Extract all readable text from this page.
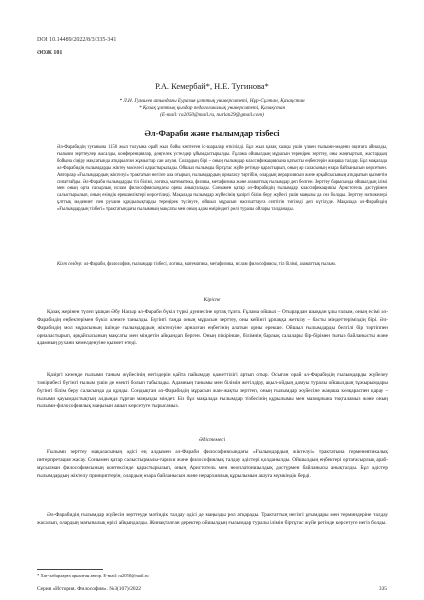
DOI 10.14489/2022/8/3/335-341
ӘОЖ 101
Р.А. Кемербай*, Н.Е. Тугинова*
* Л.Н. Гумилев атындағы Еуразия ұлттық университеті, Нұр-Сұлтан, Қазақстан
* Қазақ ұлттық қыздар педагогикалық университеті, Қазақстан
(E-mail: ra2050@mail.ru, nurlan29@gmail.com)
Әл-Фараби және ғылымдар тізбесі
Әл-Фарабидің туғанына 1150 жыл толуына орай жыл бойы көптеген іс-шаралар өткізілді. Бұл жыл қазақ халқы үшін үлкен ғылыми-мәдени оқиғаға айналды, ғылыми зерттеулер жасалды, конференциялар, дөңгелек үстелдер ұйымдастырылды. Ғұлама ойшылдың мұрасын тереңірек зерттеу, оны жаңғыртып, жастардың бойына сіңіру мақсатында атқарылған жұмыстар сан алуан. Солардың бірі – оның ғылымдар классификациясына қатысты еңбектерін жаңаша талдау. Бұл мақалада әл-Фарабидің ғылымдарды жіктеу мәселесі қарастырылады. Ойшыл ғылымды біртұтас жүйе ретінде қарастырып, оның әр саласының өзара байланысын көрсеткен. Авторлар «Ғылымдардың жіктелуі» трактатын негізге ала отырып, ғылымдардың орналасу тәртібін, олардың иерархиясын және әрқайсысының атқаратын қызметін сипаттайды. Әл-Фараби ғылымдарды тіл білімі, логика, математика, физика, метафизика және азаматтық ғылымдар деп бөлген. Зерттеу барысында ойшылдың ілімі мен оның орта ғасырлық ислам философиясындағы орны анықталады. Сонымен қатар әл-Фарабидің ғылымдар классификациясы Аристотель дәстүрімен салыстырылып, оның өзіндік ерекшеліктері көрсетіледі. Мақалада ғылымдар жүйесінің қазіргі білім беру жүйесі үшін маңызы да сөз болады. Зерттеу нәтижелері ұлттық мәдениет пен рухани құндылықтарды тереңірек түсінуге, ойшыл мұрасын насихаттауға септігін тигізеді деп күтілуде. Мақалада әл-Фарабидің «Ғылымдардың тізбегі» трактатындағы ғылымның мақсаты мен оның адам өміріндегі рөлі туралы ойлары талданады.
Кілт сөздер: әл-Фараби, философия, ғылымдар тізбесі, логика, математика, метафизика, ислам философиясы, тіл білімі, азаматтық ғылым.
Кіріспе

Қазақ жерінен түлеп ұшқан Әбу Насыр әл-Фараби бүкіл түркі дүниесіне ортақ тұлға. Ғұлама ойшыл – Отырардан шыққан ұлы ғалым, оның есімі әл-Фарабидің еңбектерімен бүкіл әлемге танылды. Бүгінгі таңда оның мұрасын зерттеу, оны кейінгі ұрпаққа жеткізу – басты міндеттеріміздің бірі. Әл-Фарабидің мол мұрасының ішінде ғылымдардың жіктелуіне арналған еңбегінің алатын орны ерекше. Ойшыл ғылымдарды белгілі бір тәртіппен орналастырып, әрқайсысының мақсаты мен міндетін айқындап берген. Оның пікірінше, білімнің барлық салалары бір-бірімен тығыз байланысты және адамның рухани кемелденуіне қызмет етеді.

Қазіргі кезеңде ғылыми таным жүйесінің негіздерін қайта пайымдау қажеттілігі артып отыр. Осыған орай әл-Фарабидің ғылымдарды жүйелеу тәжірибесі бүгінгі ғылым үшін де өзекті болып табылады. Адамның танымы мен білімін жетілдіру, ақыл-ойдың дамуы туралы ойшылдың тұжырымдары бүгінгі білім беру саласында да құнды. Сондықтан әл-Фарабидің мұрасын жан-жақты зерттеп, оның ғылымдар жүйесіне жаңаша көзқараспен қарау – ғылыми қауымдастықтың алдында тұрған маңызды міндет. Біз бұл мақалада ғылымдар тізбесінің құрылымы мен мазмұнына тоқталамыз және оның ғылыми-философиялық маңызын ашып көрсетуге тырысамыз.

Әдістемесі

Ғылыми зерттеу мақаласының әдісі ең алдымен әл-Фараби философиясындағы «Ғылымдардың жіктелуі» трактатына герменевтикалық интерпретация жасау. Сонымен қатар салыстырмалы-тарихи және философиялық талдау әдістері қолданылды. Ойшылдың еңбектері ортағасырлық араб-мұсылман философиясының контексінде қарастырылып, оның Аристотель мен неоплатоншылдық дәстүрмен байланысы анықталды. Бұл әдістер ғылымдардың жіктелу принциптерін, олардың өзара байланысын және иерархиялық құрылымын ашуға мүмкіндік берді.

Әл-Фарабидің ғылымдар жүйесін зерттеуде мәтіндік талдау әдісі де маңызды рөл атқарады. Трактаттың негізгі ұғымдары мен терминдеріне талдау жасалып, олардың мағыналық өрісі айқындалды. Жинақталған деректер ойшылдың ғылымдар туралы ілімін біртұтас жүйе ретінде көрсетуге негіз болды.

* Хат-хабарларға арналған автор. E-mail: ra2050@mail.ru
Серия «История. Философия». №3(107)/2022	335
